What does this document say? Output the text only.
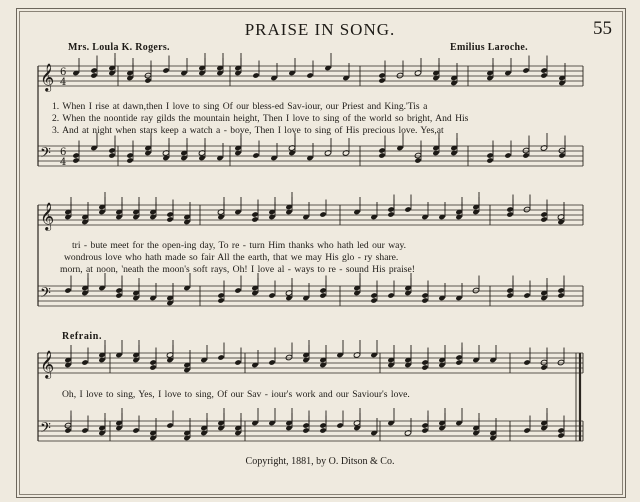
PRAISE IN SONG.	55
Mrs. Loula K. Rogers.	Emilius Laroche.
𝄞 6
4
𝄢 6
4
𝄞
𝄢
𝄞
𝄢
1. When I rise at dawn,then I love to sing Of our bless-ed Sav-iour, our Priest and King.'Tis a
2. When the noontide ray gilds the mountain height, Then I love to sing of the world so bright, And His
3. And at night when stars keep a watch a - bove, Then I love to sing of His precious love. Yes,at
tri - bute meet for the open-ing day, To re - turn Him thanks who hath led our way.
wondrous love who hath made so fair All the earth, that we may His glo - ry share.
morn, at noon, 'neath the moon's soft rays, Oh! I love al - ways to re - sound His praise!
Refrain.
Oh, I love to sing, Yes, I love to sing, Of our Sav - iour's work and our Saviour's love.
Copyright, 1881, by O. Ditson & Co.
